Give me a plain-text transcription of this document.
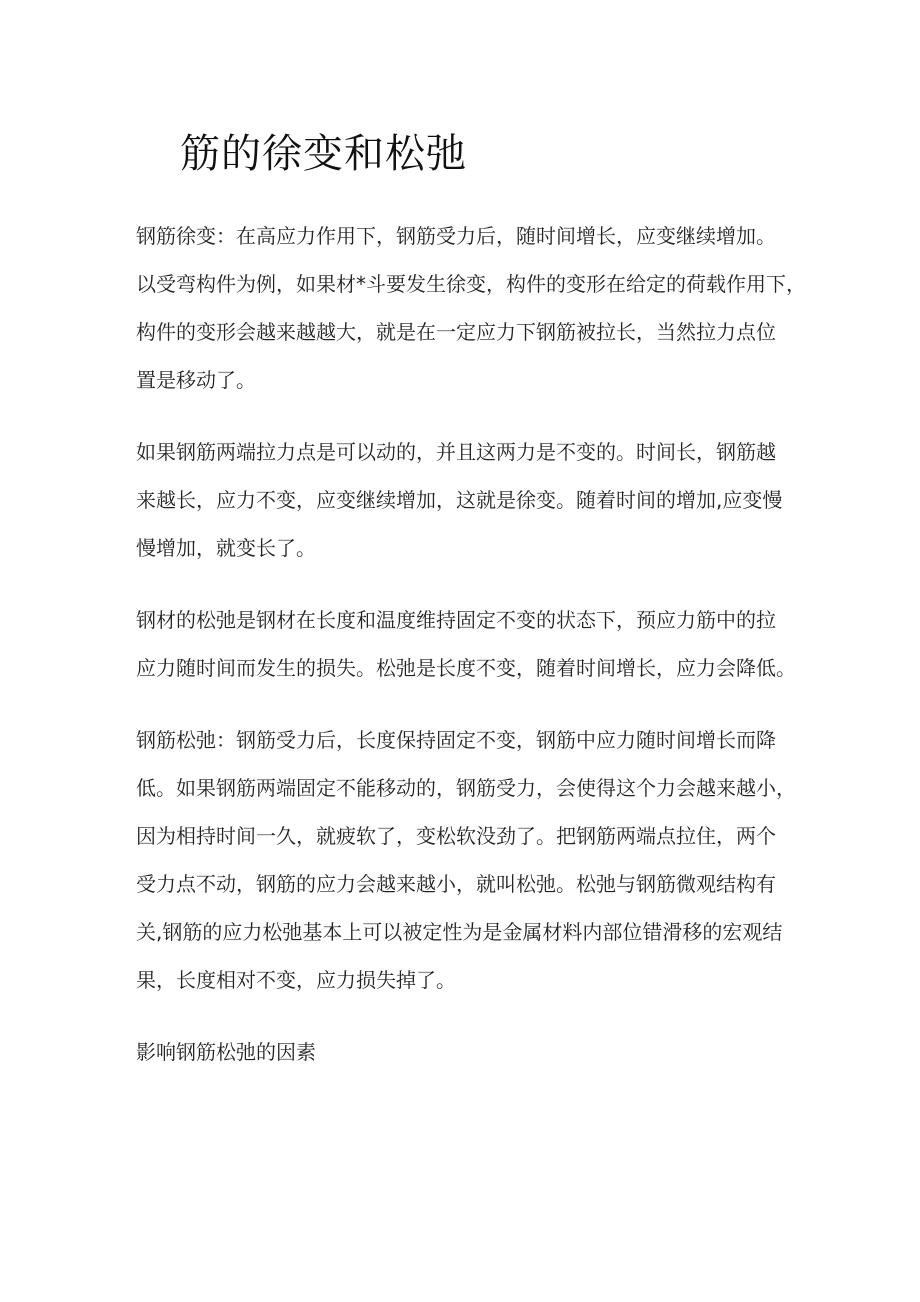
筋的徐变和松弛

钢筋徐变：在高应力作用下，钢筋受力后，随时间增长，应变继续增加。
以受弯构件为例，如果材*斗要发生徐变，构件的变形在给定的荷载作用下，
构件的变形会越来越越大，就是在一定应力下钢筋被拉长，当然拉力点位
置是移动了。

如果钢筋两端拉力点是可以动的，并且这两力是不变的。时间长，钢筋越
来越长，应力不变，应变继续增加，这就是徐变。随着时间的增加,应变慢
慢增加，就变长了。

钢材的松弛是钢材在长度和温度维持固定不变的状态下，预应力筋中的拉
应力随时间而发生的损失。松弛是长度不变，随着时间增长，应力会降低。

钢筋松弛：钢筋受力后，长度保持固定不变，钢筋中应力随时间增长而降
低。如果钢筋两端固定不能移动的，钢筋受力，会使得这个力会越来越小，
因为相持时间一久，就疲软了，变松软没劲了。把钢筋两端点拉住，两个
受力点不动，钢筋的应力会越来越小，就叫松弛。松弛与钢筋微观结构有
关,钢筋的应力松弛基本上可以被定性为是金属材料内部位错滑移的宏观结
果，长度相对不变，应力损失掉了。

影响钢筋松弛的因素
